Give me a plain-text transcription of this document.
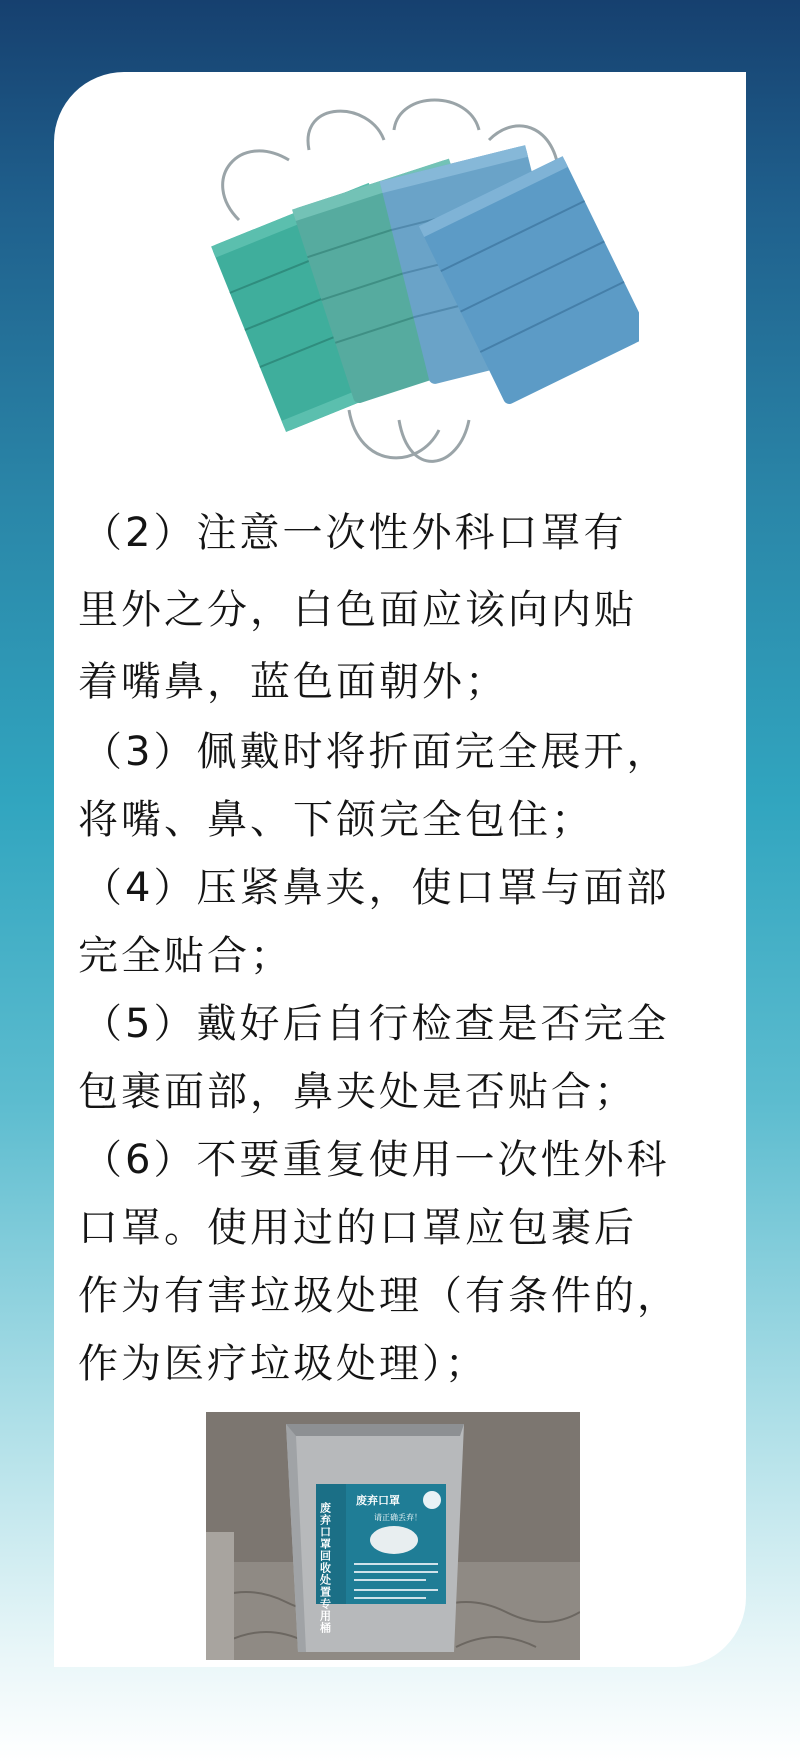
（2）注意一次性外科口罩有
里外之分，白色面应该向内贴
着嘴鼻，蓝色面朝外；

（3）佩戴时将折面完全展开，
将嘴、鼻、下颌完全包住；

（4）压紧鼻夹，使口罩与面部
完全贴合；

（5）戴好后自行检查是否完全
包裹面部，鼻夹处是否贴合；

（6）不要重复使用一次性外科
口罩。使用过的口罩应包裹后
作为有害垃圾处理（有条件的，
作为医疗垃圾处理）；

废弃口罩回收处置专用桶
废弃口罩
请正确丢弃！
